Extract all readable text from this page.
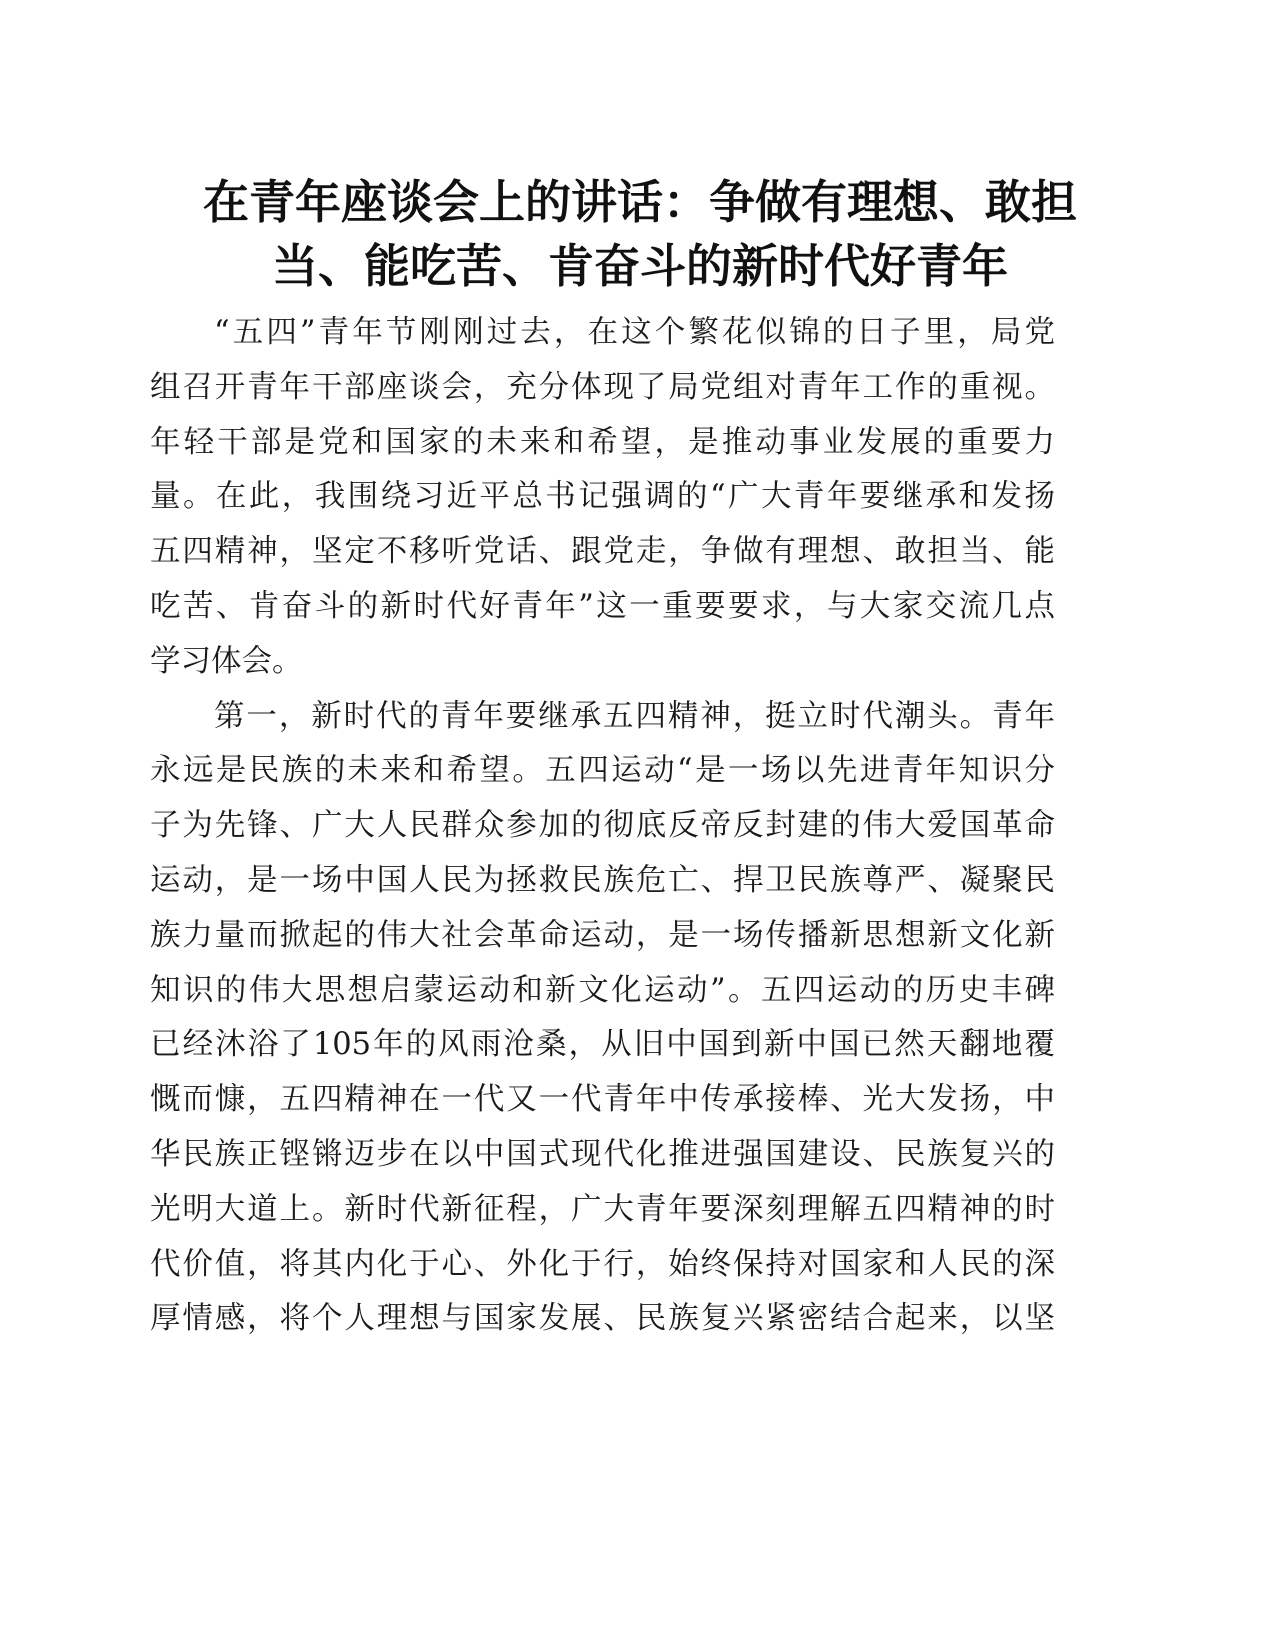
在青年座谈会上的讲话：争做有理想、敢担
当、能吃苦、肯奋斗的新时代好青年
“五四”青年节刚刚过去，在这个繁花似锦的日子里，局党
组召开青年干部座谈会，充分体现了局党组对青年工作的重视。
年轻干部是党和国家的未来和希望，是推动事业发展的重要力
量。在此，我围绕习近平总书记强调的“广大青年要继承和发扬
五四精神，坚定不移听党话、跟党走，争做有理想、敢担当、能
吃苦、肯奋斗的新时代好青年”这一重要要求，与大家交流几点
学习体会。
第一，新时代的青年要继承五四精神，挺立时代潮头。青年
永远是民族的未来和希望。五四运动“是一场以先进青年知识分
子为先锋、广大人民群众参加的彻底反帝反封建的伟大爱国革命
运动，是一场中国人民为拯救民族危亡、捍卫民族尊严、凝聚民
族力量而掀起的伟大社会革命运动，是一场传播新思想新文化新
知识的伟大思想启蒙运动和新文化运动”。五四运动的历史丰碑
已经沐浴了105年的风雨沧桑，从旧中国到新中国已然天翻地覆
慨而慷，五四精神在一代又一代青年中传承接棒、光大发扬，中
华民族正铿锵迈步在以中国式现代化推进强国建设、民族复兴的
光明大道上。新时代新征程，广大青年要深刻理解五四精神的时
代价值，将其内化于心、外化于行，始终保持对国家和人民的深
厚情感，将个人理想与国家发展、民族复兴紧密结合起来，以坚
